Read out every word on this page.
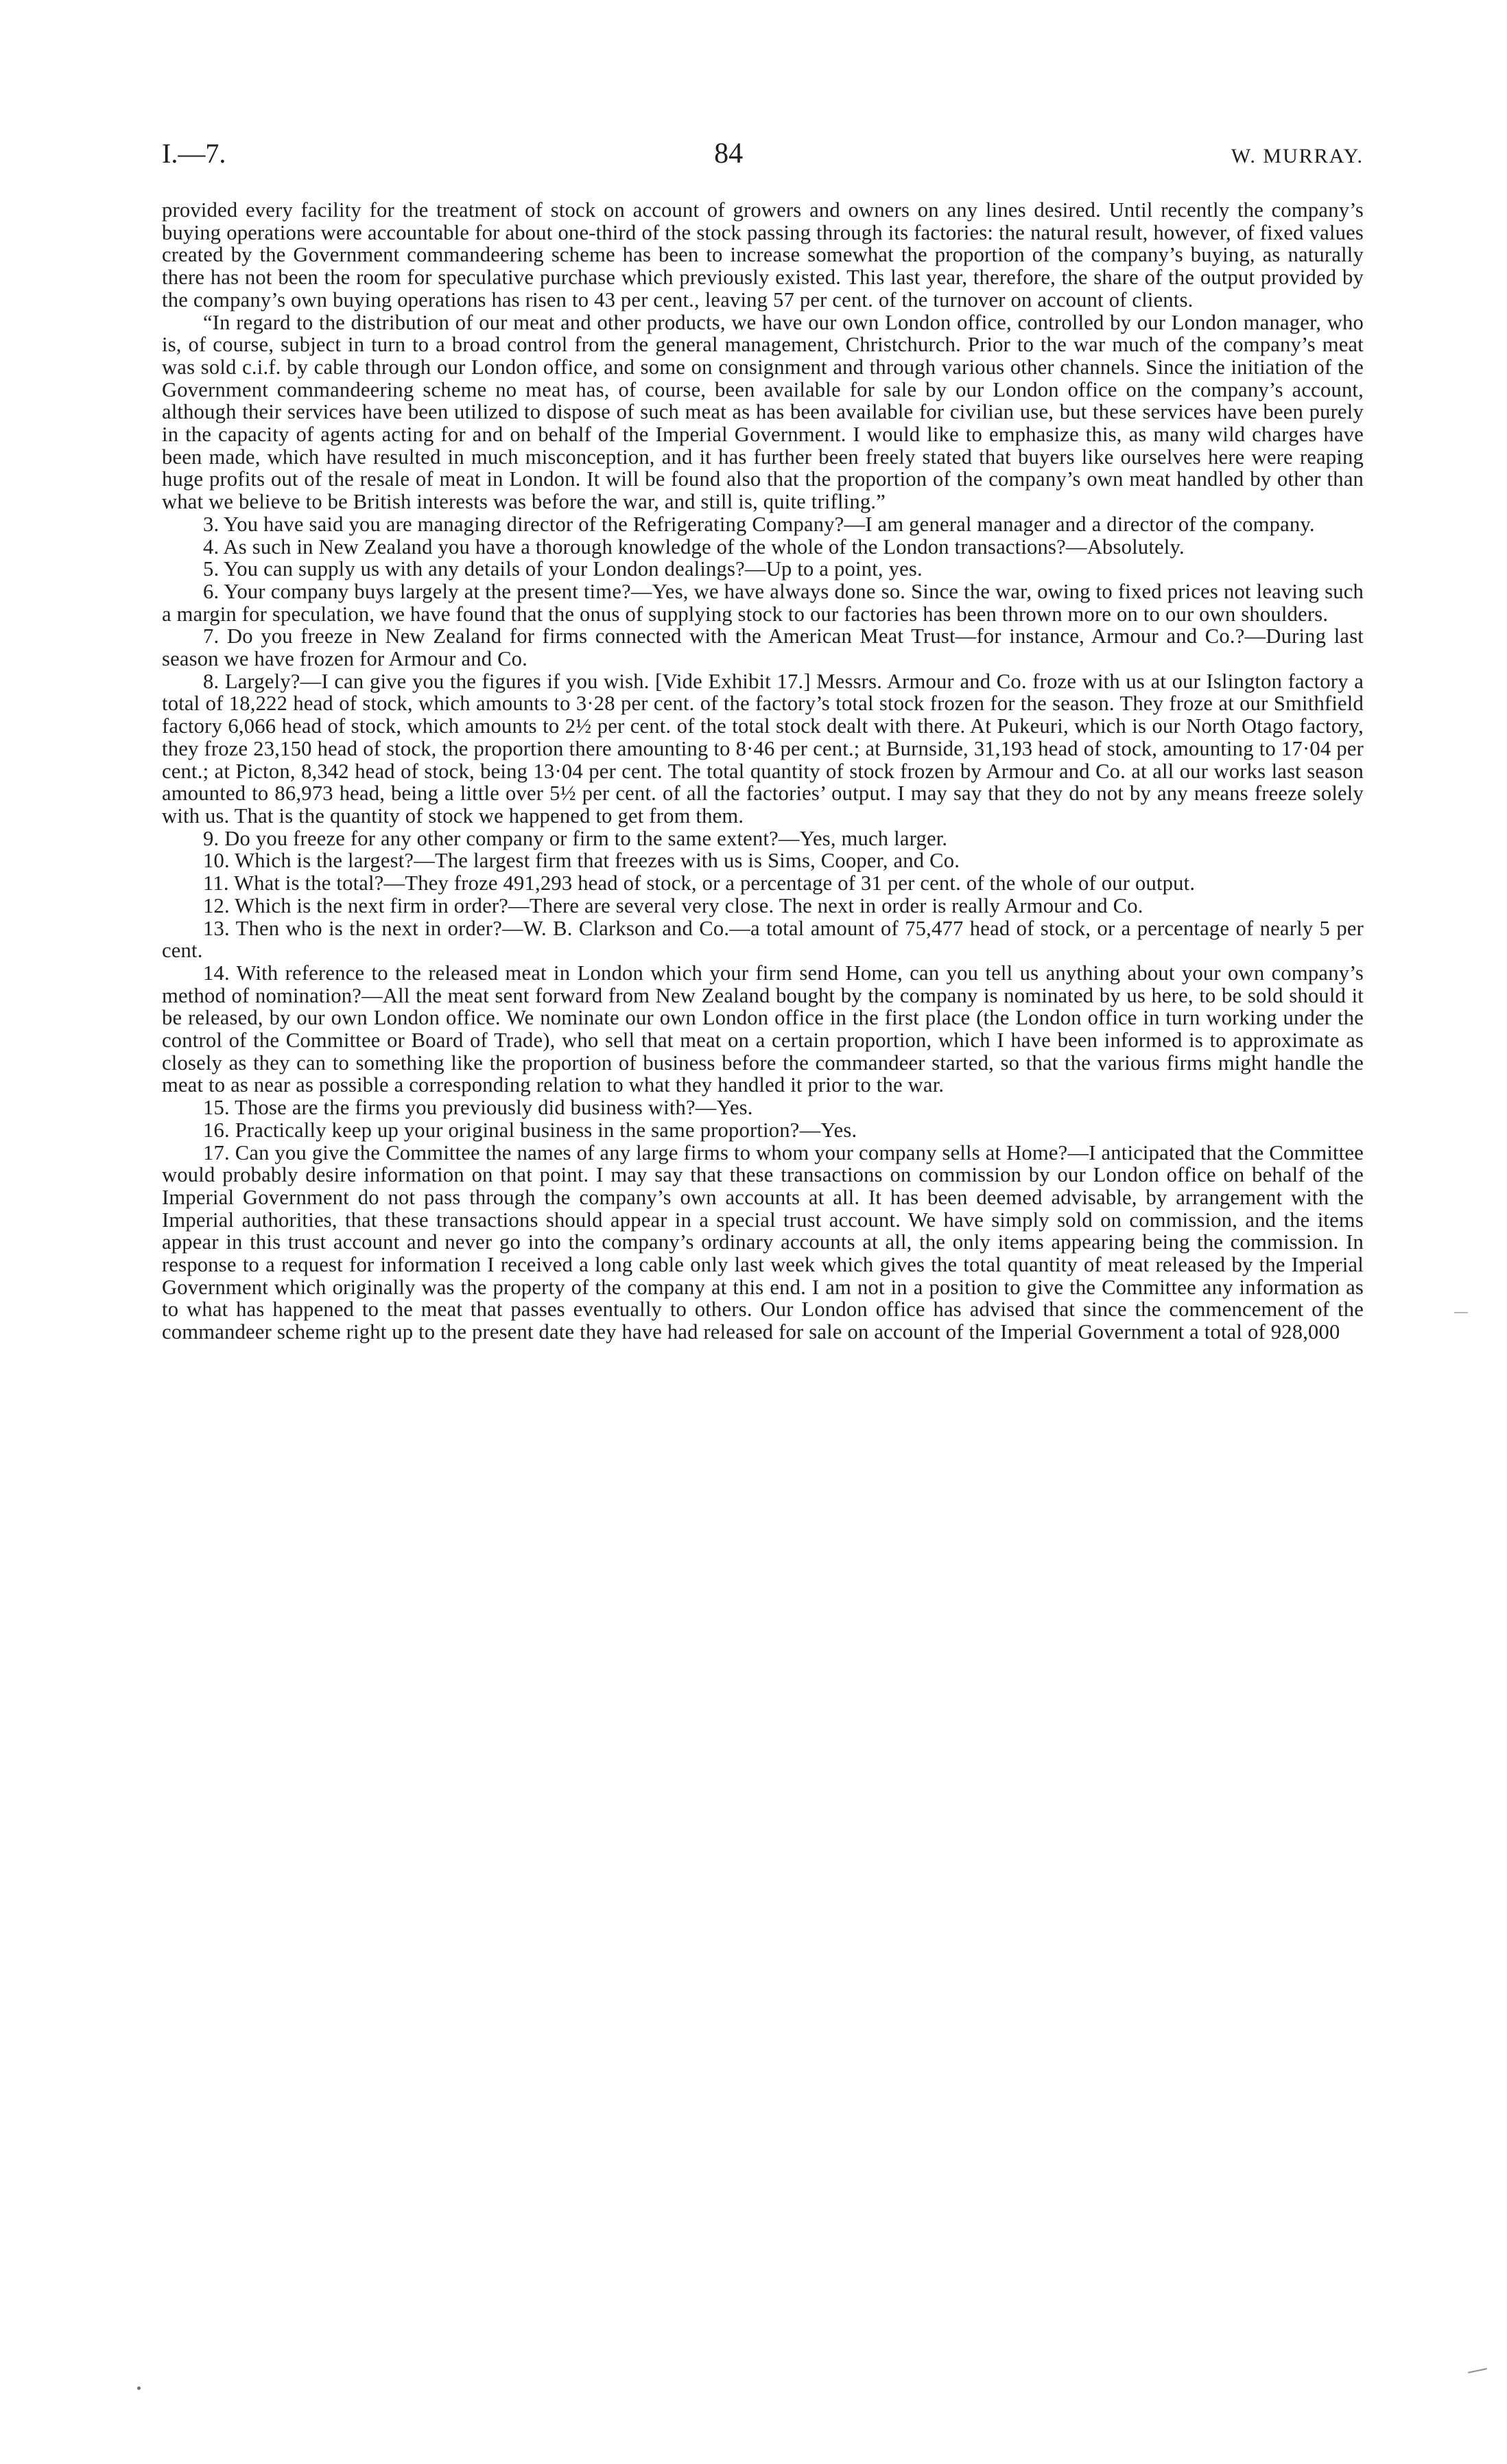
I.—7.	84	W. MURRAY.

provided every facility for the treatment of stock on account of growers and owners on any lines desired. Until recently the company’s buying operations were accountable for about one-third of the stock passing through its factories: the natural result, however, of fixed values created by the Government commandeering scheme has been to increase somewhat the proportion of the company’s buying, as naturally there has not been the room for speculative purchase which previously existed. This last year, therefore, the share of the output provided by the company’s own buying operations has risen to 43 per cent., leaving 57 per cent. of the turnover on account of clients.

“In regard to the distribution of our meat and other products, we have our own London office, controlled by our London manager, who is, of course, subject in turn to a broad control from the general management, Christchurch. Prior to the war much of the company’s meat was sold c.i.f. by cable through our London office, and some on consignment and through various other channels. Since the initiation of the Government commandeering scheme no meat has, of course, been available for sale by our London office on the company’s account, although their services have been utilized to dispose of such meat as has been available for civilian use, but these services have been purely in the capacity of agents acting for and on behalf of the Imperial Government. I would like to emphasize this, as many wild charges have been made, which have resulted in much misconception, and it has further been freely stated that buyers like ourselves here were reaping huge profits out of the resale of meat in London. It will be found also that the proportion of the company’s own meat handled by other than what we believe to be British interests was before the war, and still is, quite trifling.”

3. You have said you are managing director of the Refrigerating Company?—I am general manager and a director of the company.

4. As such in New Zealand you have a thorough knowledge of the whole of the London transactions?—Absolutely.

5. You can supply us with any details of your London dealings?—Up to a point, yes.

6. Your company buys largely at the present time?—Yes, we have always done so. Since the war, owing to fixed prices not leaving such a margin for speculation, we have found that the onus of supplying stock to our factories has been thrown more on to our own shoulders.

7. Do you freeze in New Zealand for firms connected with the American Meat Trust—for instance, Armour and Co.?—During last season we have frozen for Armour and Co.

8. Largely?—I can give you the figures if you wish. [Vide Exhibit 17.] Messrs. Armour and Co. froze with us at our Islington factory a total of 18,222 head of stock, which amounts to 3·28 per cent. of the factory’s total stock frozen for the season. They froze at our Smithfield factory 6,066 head of stock, which amounts to 2½ per cent. of the total stock dealt with there. At Pukeuri, which is our North Otago factory, they froze 23,150 head of stock, the proportion there amounting to 8·46 per cent.; at Burnside, 31,193 head of stock, amounting to 17·04 per cent.; at Picton, 8,342 head of stock, being 13·04 per cent. The total quantity of stock frozen by Armour and Co. at all our works last season amounted to 86,973 head, being a little over 5½ per cent. of all the factories’ output. I may say that they do not by any means freeze solely with us. That is the quantity of stock we happened to get from them.

9. Do you freeze for any other company or firm to the same extent?—Yes, much larger.

10. Which is the largest?—The largest firm that freezes with us is Sims, Cooper, and Co.

11. What is the total?—They froze 491,293 head of stock, or a percentage of 31 per cent. of the whole of our output.

12. Which is the next firm in order?—There are several very close. The next in order is really Armour and Co.

13. Then who is the next in order?—W. B. Clarkson and Co.—a total amount of 75,477 head of stock, or a percentage of nearly 5 per cent.

14. With reference to the released meat in London which your firm send Home, can you tell us anything about your own company’s method of nomination?—All the meat sent forward from New Zealand bought by the company is nominated by us here, to be sold should it be released, by our own London office. We nominate our own London office in the first place (the London office in turn working under the control of the Committee or Board of Trade), who sell that meat on a certain proportion, which I have been informed is to approximate as closely as they can to something like the proportion of business before the commandeer started, so that the various firms might handle the meat to as near as possible a corresponding relation to what they handled it prior to the war.

15. Those are the firms you previously did business with?—Yes.

16. Practically keep up your original business in the same proportion?—Yes.

17. Can you give the Committee the names of any large firms to whom your company sells at Home?—I anticipated that the Committee would probably desire information on that point. I may say that these transactions on commission by our London office on behalf of the Imperial Government do not pass through the company’s own accounts at all. It has been deemed advisable, by arrangement with the Imperial authorities, that these transactions should appear in a special trust account. We have simply sold on commission, and the items appear in this trust account and never go into the company’s ordinary accounts at all, the only items appearing being the commission. In response to a request for information I received a long cable only last week which gives the total quantity of meat released by the Imperial Government which originally was the property of the company at this end. I am not in a position to give the Committee any information as to what has happened to the meat that passes eventually to others. Our London office has advised that since the commencement of the commandeer scheme right up to the present date they have had released for sale on account of the Imperial Government a total of 928,000
